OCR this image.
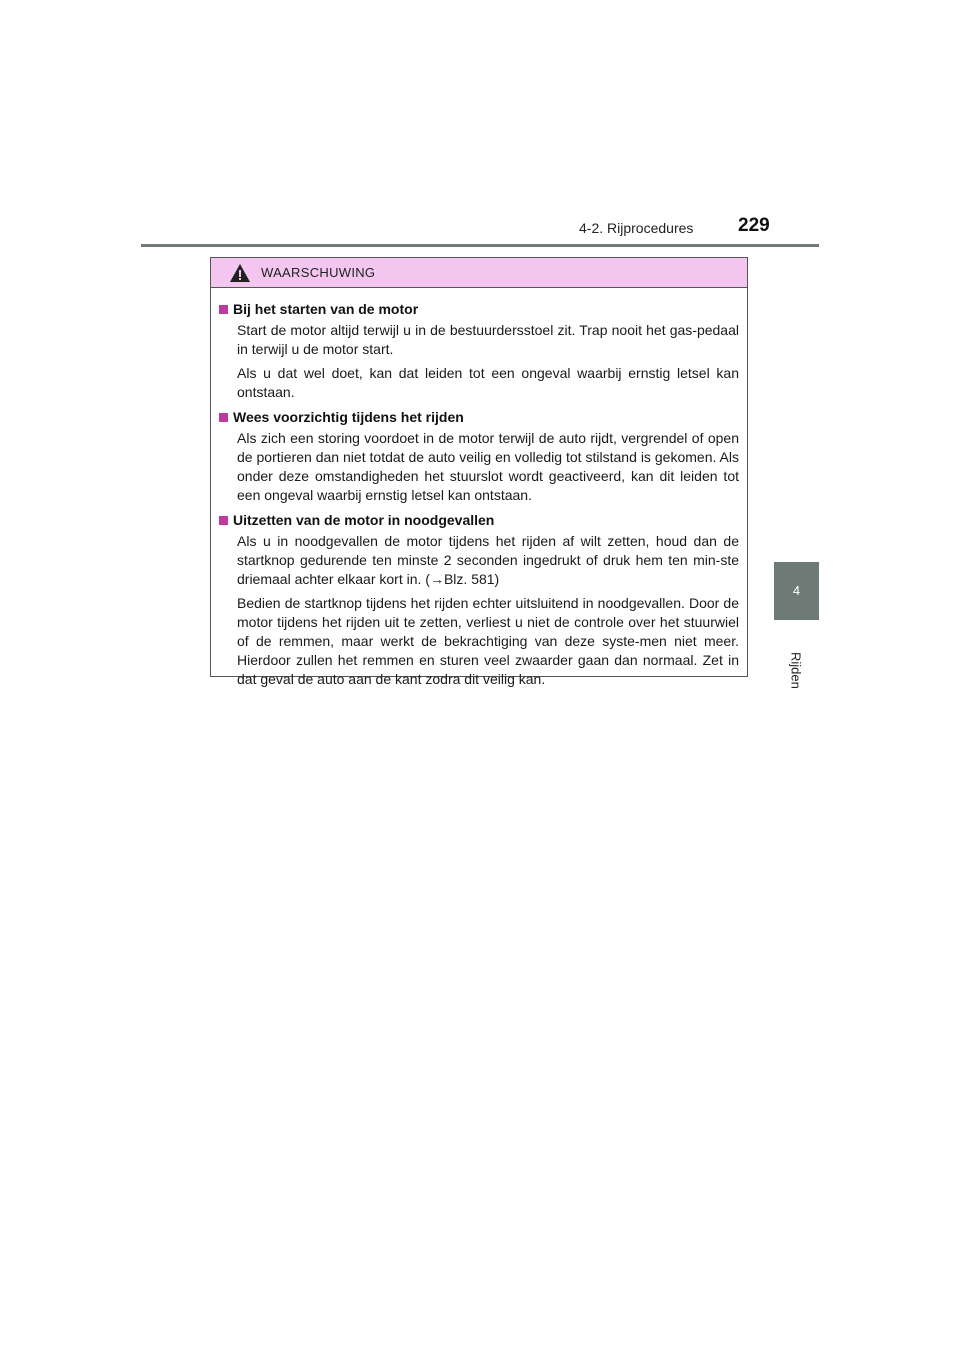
4-2. Rijprocedures 229
4
Rijden
WAARSCHUWING
Bij het starten van de motor

Start de motor altijd terwijl u in de bestuurdersstoel zit. Trap nooit het gas-pedaal in terwijl u de motor start.

Als u dat wel doet, kan dat leiden tot een ongeval waarbij ernstig letsel kan ontstaan.

Wees voorzichtig tijdens het rijden

Als zich een storing voordoet in de motor terwijl de auto rijdt, vergrendel of open de portieren dan niet totdat de auto veilig en volledig tot stilstand is gekomen. Als onder deze omstandigheden het stuurslot wordt geactiveerd, kan dit leiden tot een ongeval waarbij ernstig letsel kan ontstaan.

Uitzetten van de motor in noodgevallen

Als u in noodgevallen de motor tijdens het rijden af wilt zetten, houd dan de startknop gedurende ten minste 2 seconden ingedrukt of druk hem ten min-ste driemaal achter elkaar kort in. (→Blz. 581)

Bedien de startknop tijdens het rijden echter uitsluitend in noodgevallen. Door de motor tijdens het rijden uit te zetten, verliest u niet de controle over het stuurwiel of de remmen, maar werkt de bekrachtiging van deze syste-men niet meer. Hierdoor zullen het remmen en sturen veel zwaarder gaan dan normaal. Zet in dat geval de auto aan de kant zodra dit veilig kan.
